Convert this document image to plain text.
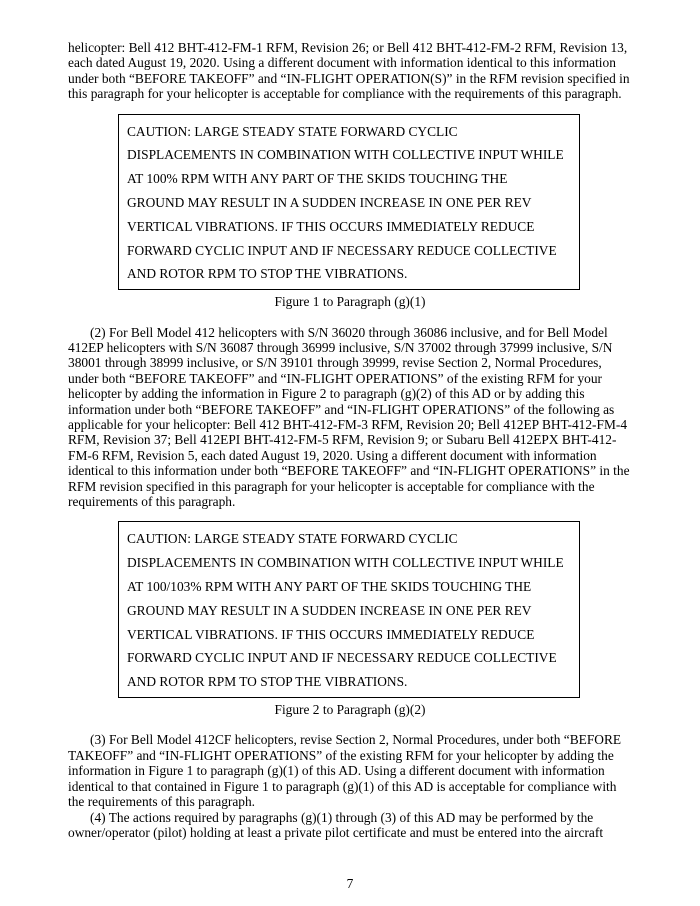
helicopter: Bell 412 BHT-412-FM-1 RFM, Revision 26; or Bell 412 BHT-412-FM-2 RFM, Revision 13, each dated August 19, 2020. Using a different document with information identical to this information under both “BEFORE TAKEOFF” and “IN-FLIGHT OPERATION(S)” in the RFM revision specified in this paragraph for your helicopter is acceptable for compliance with the requirements of this paragraph.

CAUTION: LARGE STEADY STATE FORWARD CYCLIC
DISPLACEMENTS IN COMBINATION WITH COLLECTIVE INPUT WHILE
AT 100% RPM WITH ANY PART OF THE SKIDS TOUCHING THE
GROUND MAY RESULT IN A SUDDEN INCREASE IN ONE PER REV
VERTICAL VIBRATIONS. IF THIS OCCURS IMMEDIATELY REDUCE
FORWARD CYCLIC INPUT AND IF NECESSARY REDUCE COLLECTIVE
AND ROTOR RPM TO STOP THE VIBRATIONS.

Figure 1 to Paragraph (g)(1)

(2) For Bell Model 412 helicopters with S/N 36020 through 36086 inclusive, and for Bell Model 412EP helicopters with S/N 36087 through 36999 inclusive, S/N 37002 through 37999 inclusive, S/N 38001 through 38999 inclusive, or S/N 39101 through 39999, revise Section 2, Normal Procedures, under both “BEFORE TAKEOFF” and “IN-FLIGHT OPERATIONS” of the existing RFM for your helicopter by adding the information in Figure 2 to paragraph (g)(2) of this AD or by adding this information under both “BEFORE TAKEOFF” and “IN-FLIGHT OPERATIONS” of the following as applicable for your helicopter: Bell 412 BHT-412-FM-3 RFM, Revision 20; Bell 412EP BHT-412-FM-4 RFM, Revision 37; Bell 412EPI BHT-412-FM-5 RFM, Revision 9; or Subaru Bell 412EPX BHT-412-FM-6 RFM, Revision 5, each dated August 19, 2020. Using a different document with information identical to this information under both “BEFORE TAKEOFF” and “IN-FLIGHT OPERATIONS” in the RFM revision specified in this paragraph for your helicopter is acceptable for compliance with the requirements of this paragraph.

CAUTION: LARGE STEADY STATE FORWARD CYCLIC
DISPLACEMENTS IN COMBINATION WITH COLLECTIVE INPUT WHILE
AT 100/103% RPM WITH ANY PART OF THE SKIDS TOUCHING THE
GROUND MAY RESULT IN A SUDDEN INCREASE IN ONE PER REV
VERTICAL VIBRATIONS. IF THIS OCCURS IMMEDIATELY REDUCE
FORWARD CYCLIC INPUT AND IF NECESSARY REDUCE COLLECTIVE
AND ROTOR RPM TO STOP THE VIBRATIONS.

Figure 2 to Paragraph (g)(2)

(3) For Bell Model 412CF helicopters, revise Section 2, Normal Procedures, under both “BEFORE TAKEOFF” and “IN-FLIGHT OPERATIONS” of the existing RFM for your helicopter by adding the information in Figure 1 to paragraph (g)(1) of this AD. Using a different document with information identical to that contained in Figure 1 to paragraph (g)(1) of this AD is acceptable for compliance with the requirements of this paragraph.

(4) The actions required by paragraphs (g)(1) through (3) of this AD may be performed by the owner/operator (pilot) holding at least a private pilot certificate and must be entered into the aircraft

7
